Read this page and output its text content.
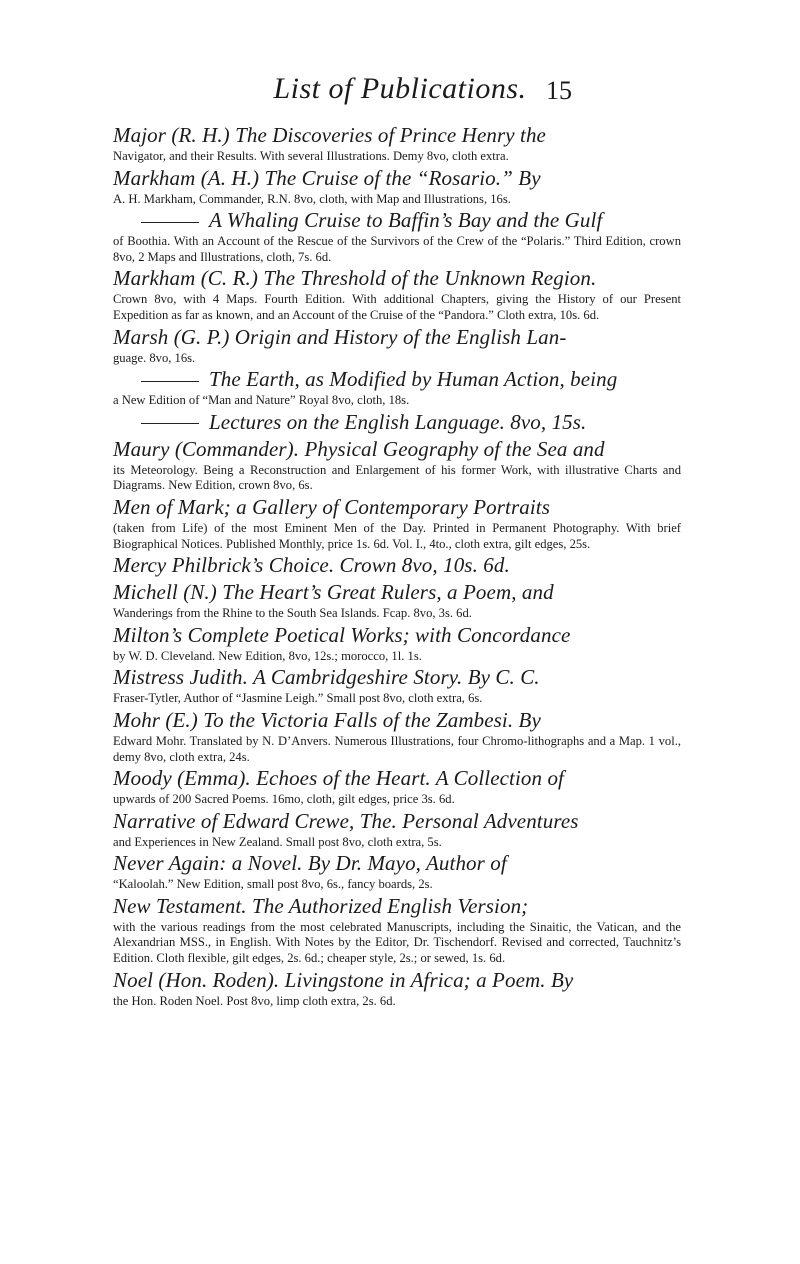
List of Publications. 15

Major (R. H.) The Discoveries of Prince Henry the

Navigator, and their Results. With several Illustrations. Demy 8vo, cloth extra.

Markham (A. H.) The Cruise of the “Rosario.” By

A. H. Markham, Commander, R.N. 8vo, cloth, with Map and Illustrations, 16s.

A Whaling Cruise to Baffin’s Bay and the Gulf

of Boothia. With an Account of the Rescue of the Survivors of the Crew of the “Polaris.” Third Edition, crown 8vo, 2 Maps and Illustrations, cloth, 7s. 6d.

Markham (C. R.) The Threshold of the Unknown Region.

Crown 8vo, with 4 Maps. Fourth Edition. With additional Chapters, giving the History of our Present Expedition as far as known, and an Account of the Cruise of the “Pandora.” Cloth extra, 10s. 6d.

Marsh (G. P.) Origin and History of the English Lan-

guage. 8vo, 16s.

The Earth, as Modified by Human Action, being

a New Edition of “Man and Nature” Royal 8vo, cloth, 18s.

Lectures on the English Language. 8vo, 15s.

Maury (Commander). Physical Geography of the Sea and

its Meteorology. Being a Reconstruction and Enlargement of his former Work, with illustrative Charts and Diagrams. New Edition, crown 8vo, 6s.

Men of Mark; a Gallery of Contemporary Portraits

(taken from Life) of the most Eminent Men of the Day. Printed in Permanent Photography. With brief Biographical Notices. Published Monthly, price 1s. 6d. Vol. I., 4to., cloth extra, gilt edges, 25s.

Mercy Philbrick’s Choice. Crown 8vo, 10s. 6d.

Michell (N.) The Heart’s Great Rulers, a Poem, and

Wanderings from the Rhine to the South Sea Islands. Fcap. 8vo, 3s. 6d.

Milton’s Complete Poetical Works; with Concordance

by W. D. Cleveland. New Edition, 8vo, 12s.; morocco, 1l. 1s.

Mistress Judith. A Cambridgeshire Story. By C. C.

Fraser-Tytler, Author of “Jasmine Leigh.” Small post 8vo, cloth extra, 6s.

Mohr (E.) To the Victoria Falls of the Zambesi. By

Edward Mohr. Translated by N. D’Anvers. Numerous Illustrations, four Chromo-lithographs and a Map. 1 vol., demy 8vo, cloth extra, 24s.

Moody (Emma). Echoes of the Heart. A Collection of

upwards of 200 Sacred Poems. 16mo, cloth, gilt edges, price 3s. 6d.

Narrative of Edward Crewe, The. Personal Adventures

and Experiences in New Zealand. Small post 8vo, cloth extra, 5s.

Never Again: a Novel. By Dr. Mayo, Author of

“Kaloolah.” New Edition, small post 8vo, 6s., fancy boards, 2s.

New Testament. The Authorized English Version;

with the various readings from the most celebrated Manuscripts, including the Sinaitic, the Vatican, and the Alexandrian MSS., in English. With Notes by the Editor, Dr. Tischendorf. Revised and corrected, Tauchnitz’s Edition. Cloth flexible, gilt edges, 2s. 6d.; cheaper style, 2s.; or sewed, 1s. 6d.

Noel (Hon. Roden). Livingstone in Africa; a Poem. By

the Hon. Roden Noel. Post 8vo, limp cloth extra, 2s. 6d.
